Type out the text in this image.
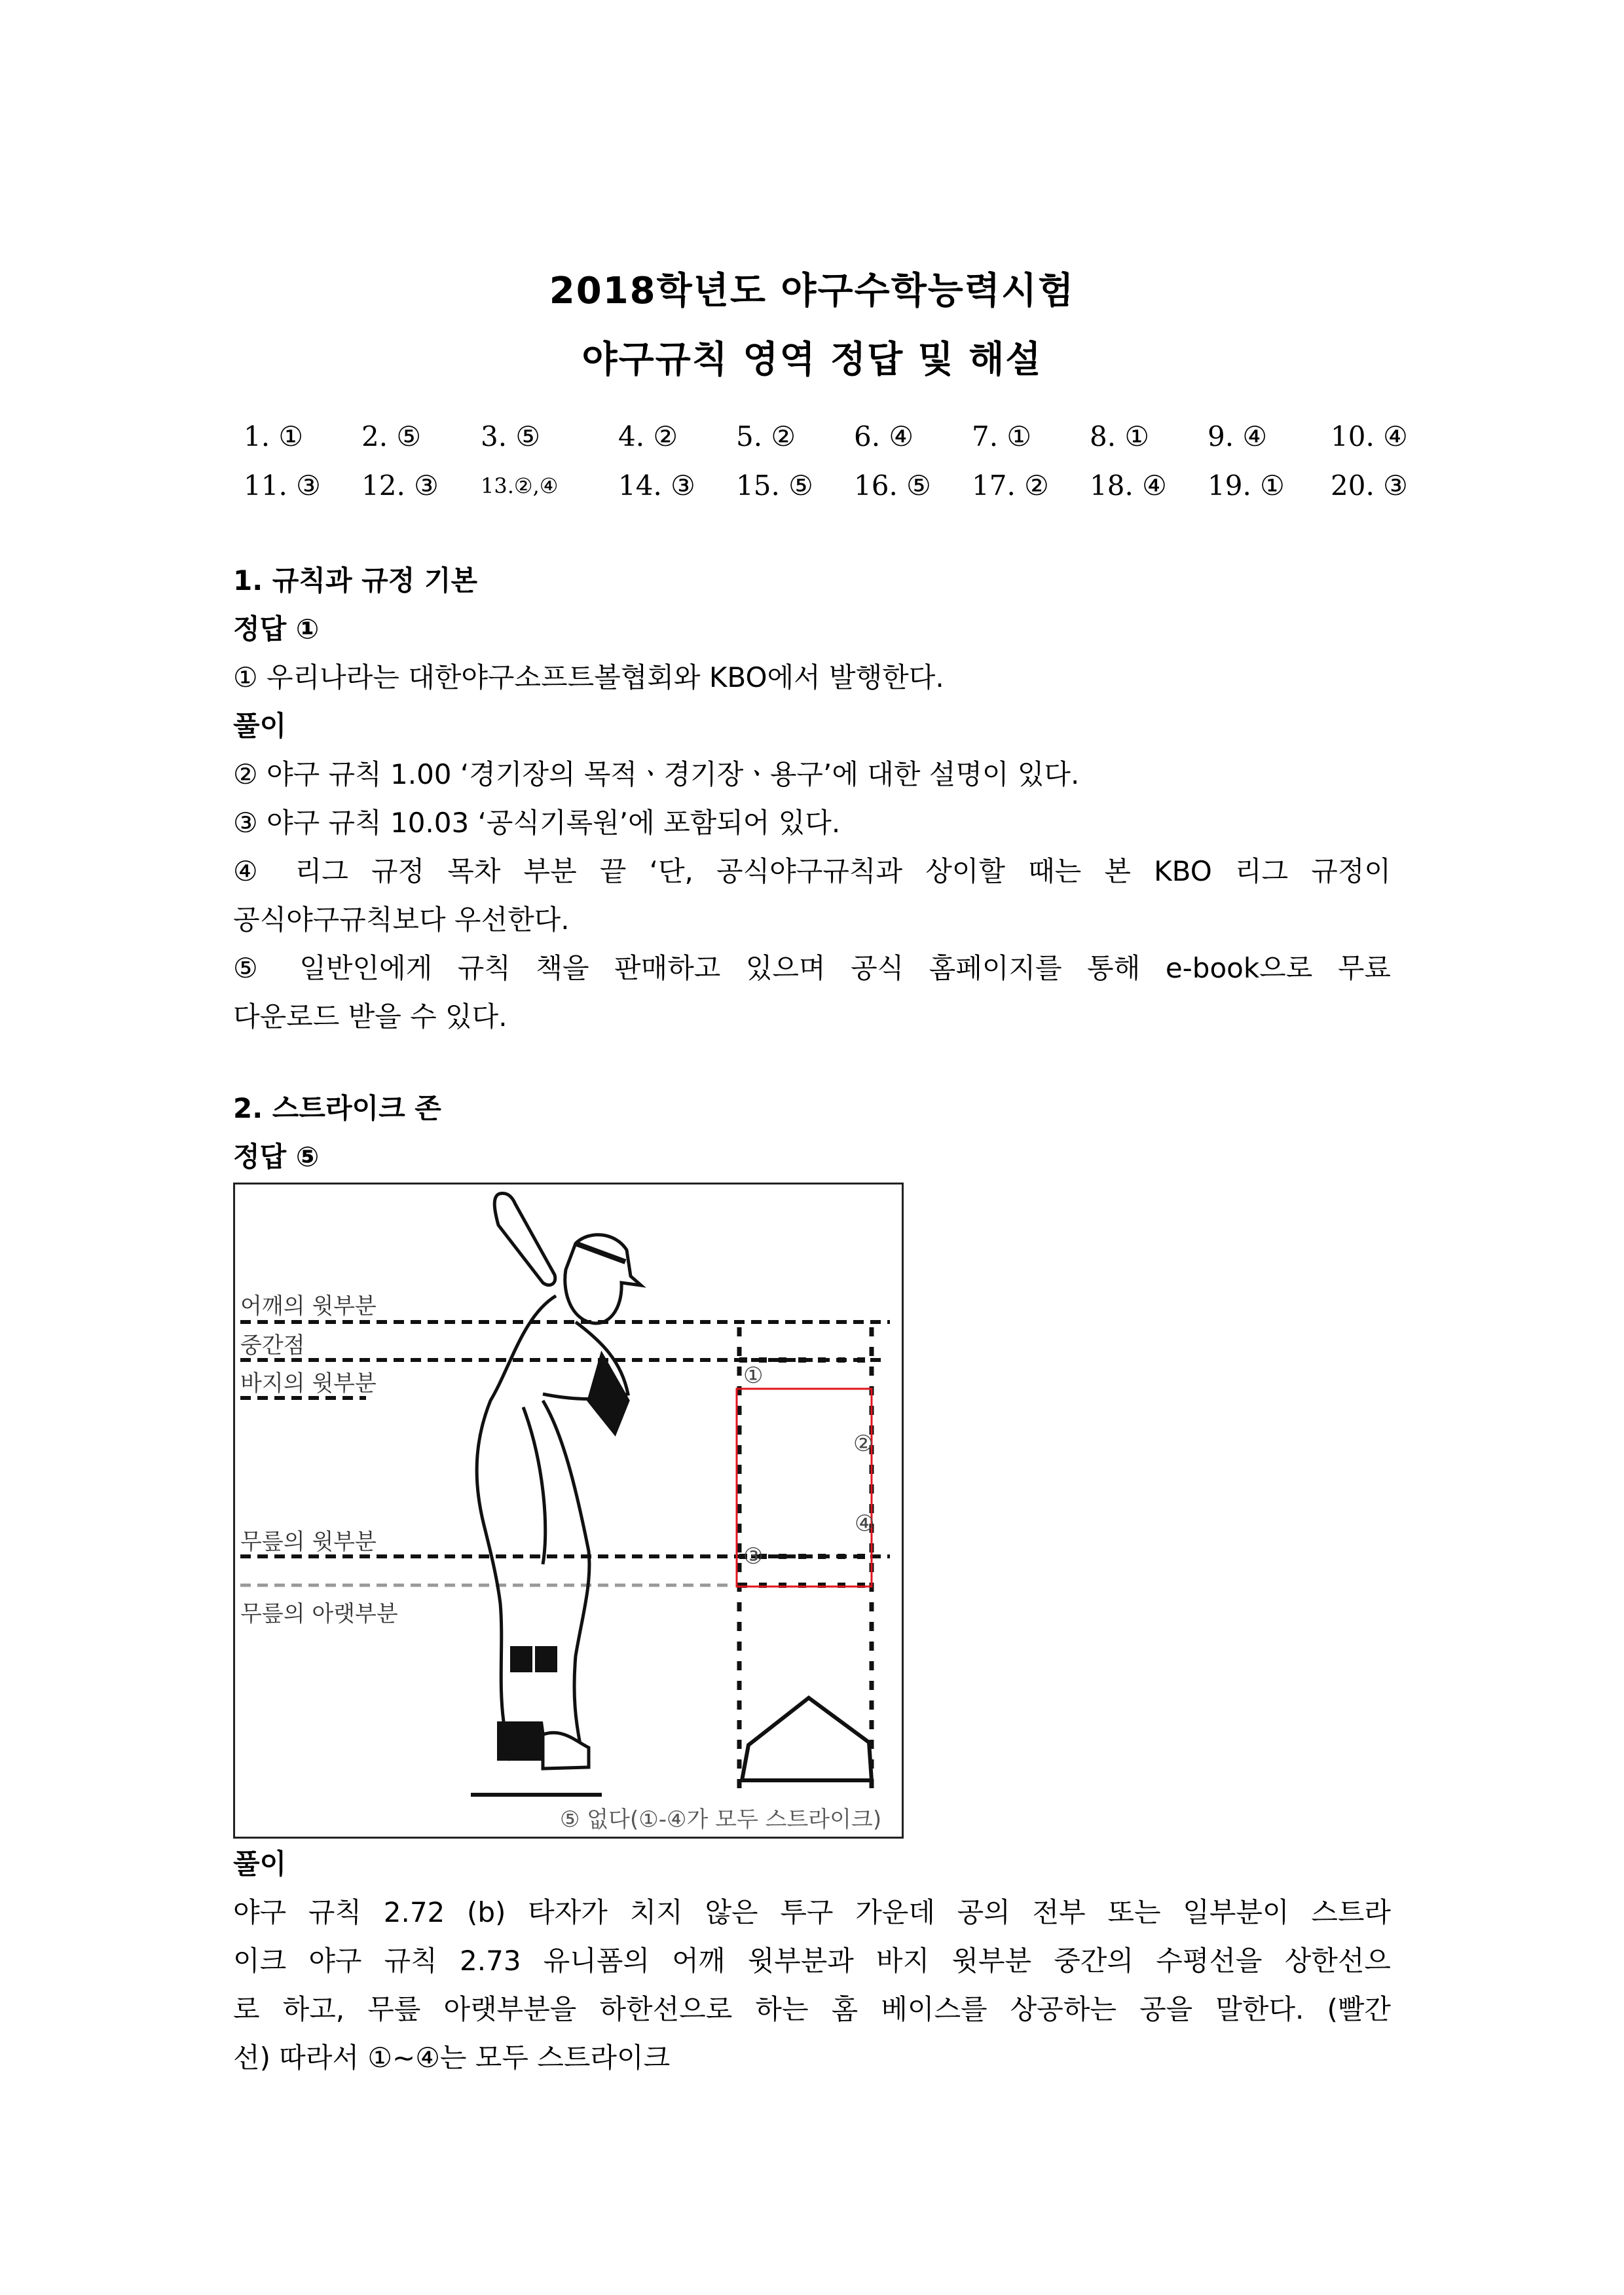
2018학년도 야구수학능력시험
야구규칙 영역 정답 및 해설
1. ① 2. ⑤ 3. ⑤	4. ② 5. ② 6. ④ 7. ① 8. ① 9. ④ 10. ④
11. ③ 12. ③ 13.②,④ 14. ③ 15. ⑤ 16. ⑤ 17. ② 18. ④ 19. ① 20. ③
1. 규칙과 규정 기본
정답 ①
① 우리나라는 대한야구소프트볼협회와 KBO에서 발행한다.
풀이
② 야구 규칙 1.00 ‘경기장의 목적ㆍ경기장ㆍ용구’에 대한 설명이 있다.
③ 야구 규칙 10.03 ‘공식기록원’에 포함되어 있다.
④ 리그 규정 목차 부분 끝 ‘단, 공식야구규칙과 상이할 때는 본 KBO 리그 규정이
공식야구규칙보다 우선한다.
⑤ 일반인에게 규칙 책을 판매하고 있으며 공식 홈페이지를 통해 e-book으로 무료
다운로드 받을 수 있다.
2. 스트라이크 존
정답 ⑤
어깨의 윗부분
중간점
바지의 윗부분
무릎의 윗부분
무릎의 아랫부분
①
②
③
④
⑤ 없다(①-④가 모두 스트라이크)
풀이
야구 규칙 2.72 (b) 타자가 치지 않은 투구 가운데 공의 전부 또는 일부분이 스트라
이크 야구 규칙 2.73 유니폼의 어깨 윗부분과 바지 윗부분 중간의 수평선을 상한선으
로 하고, 무릎 아랫부분을 하한선으로 하는 홈 베이스를 상공하는 공을 말한다. (빨간
선) 따라서 ①~④는 모두 스트라이크
